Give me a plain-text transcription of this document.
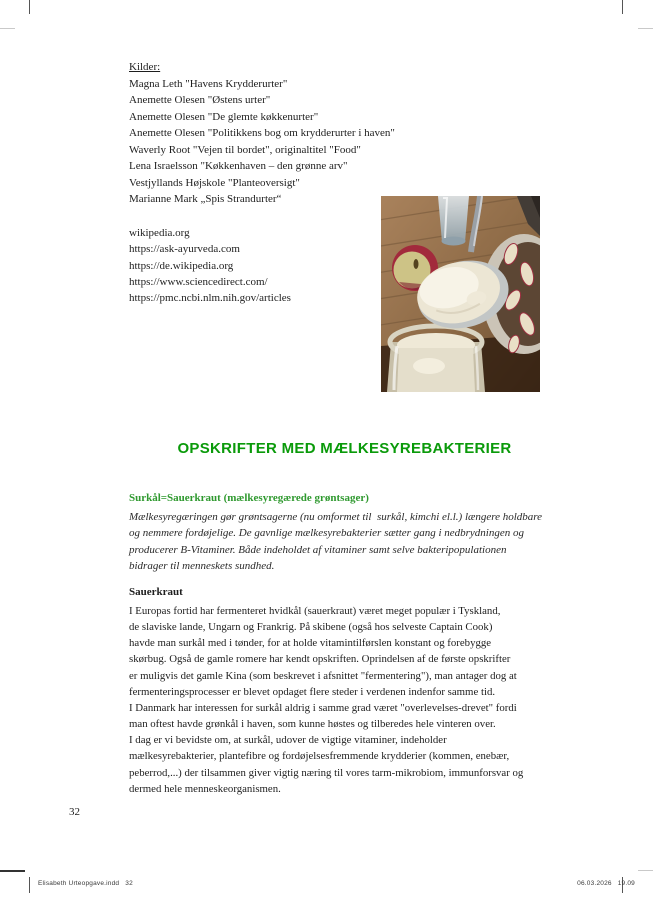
Kilder:
Magna Leth "Havens Krydderurter"
Anemette Olesen "Østens urter"
Anemette Olesen "De glemte køkkenurter"
Anemette Olesen "Politikkens bog om krydderurter i haven"
Waverly Root "Vejen til bordet", originaltitel "Food"
Lena Israelsson "Køkkenhaven – den grønne arv"
Vestjyllands Højskole "Planteoversigt"
Marianne Mark „Spis Strandurter“
wikipedia.org
https://ask-ayurveda.com
https://de.wikipedia.org
https://www.sciencedirect.com/
https://pmc.ncbi.nlm.nih.gov/articles
OPSKRIFTER MED MÆLKESYREBAKTERIER
Surkål=Sauerkraut (mælkesyregærede grøntsager)
Mælkesyregæringen gør grøntsagerne (nu omformet til  surkål, kimchi el.l.) længere holdbare
og nemmere fordøjelige. De gavnlige mælkesyrebakterier sætter gang i nedbrydningen og
producerer B-Vitaminer. Både indeholdet af vitaminer samt selve bakteripopulationen
bidrager til menneskets sundhed.
Sauerkraut
I Europas fortid har fermenteret hvidkål (sauerkraut) været meget populær i Tyskland,
de slaviske lande, Ungarn og Frankrig. På skibene (også hos selveste Captain Cook)
havde man surkål med i tønder, for at holde vitamintilførslen konstant og forebygge
skørbug. Også de gamle romere har kendt opskriften. Oprindelsen af de første opskrifter
er muligvis det gamle Kina (som beskrevet i afsnittet "fermentering"), man antager dog at
fermenteringsprocesser er blevet opdaget flere steder i verdenen indenfor samme tid.
I Danmark har interessen for surkål aldrig i samme grad været "overlevelses-drevet" fordi
man oftest havde grønkål i haven, som kunne høstes og tilberedes hele vinteren over.
I dag er vi bevidste om, at surkål, udover de vigtige vitaminer, indeholder
mælkesyrebakterier, plantefibre og fordøjelsesfremmende krydderier (kommen, enebær,
peberrod,...) der tilsammen giver vigtig næring til vores tarm-mikrobiom, immunforsvar og
dermed hele menneskeorganismen.
32
Elisabeth Urteopgave.indd   32	06.03.2026   19.09
